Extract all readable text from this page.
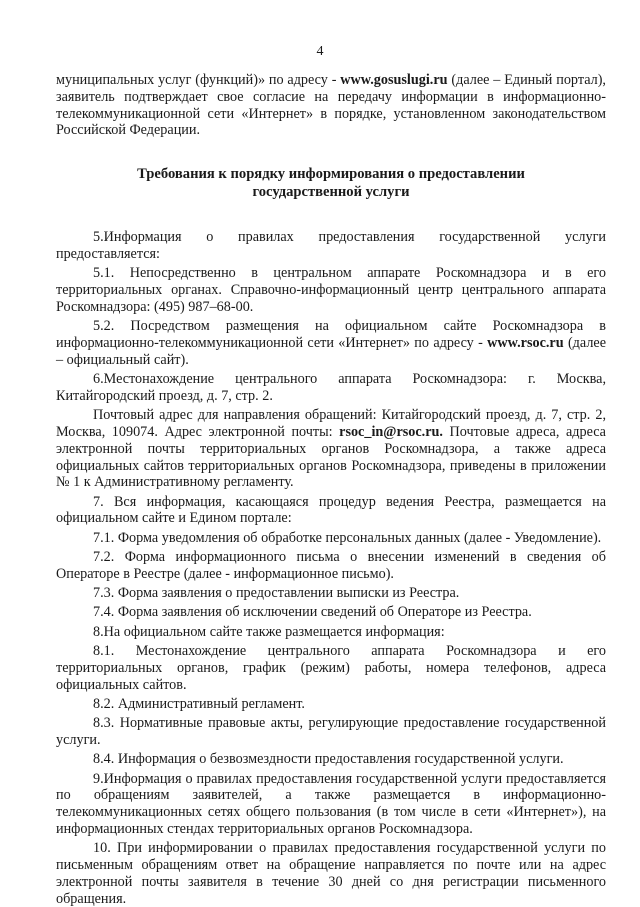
4

муниципальных услуг (функций)» по адресу - www.gosuslugi.ru (далее – Единый портал), заявитель подтверждает свое согласие на передачу информации в информационно-телекоммуникационной сети «Интернет» в порядке, установленном законодательством Российской Федерации.

Требования к порядку информирования о предоставлении
государственной услуги

5.Информация о правилах предоставления государственной услуги предоставляется:

5.1. Непосредственно в центральном аппарате Роскомнадзора и в его территориальных органах. Справочно-информационный центр центрального аппарата Роскомнадзора: (495) 987–68-00.

5.2. Посредством размещения на официальном сайте Роскомнадзора в информационно-телекоммуникационной сети «Интернет» по адресу - www.rsoc.ru (далее – официальный сайт).

6.Местонахождение центрального аппарата Роскомнадзора: г. Москва, Китайгородский проезд, д. 7, стр. 2.

Почтовый адрес для направления обращений: Китайгородский проезд, д. 7, стр. 2, Москва, 109074. Адрес электронной почты: rsoc_in@rsoc.ru. Почтовые адреса, адреса электронной почты территориальных органов Роскомнадзора, а также адреса официальных сайтов территориальных органов Роскомнадзора, приведены в приложении № 1 к Административному регламенту.

7. Вся информация, касающаяся процедур ведения Реестра, размещается на официальном сайте и Едином портале:

7.1. Форма уведомления об обработке персональных данных (далее - Уведомление).

7.2. Форма информационного письма о внесении изменений в сведения об Операторе в Реестре (далее - информационное письмо).

7.3. Форма заявления о предоставлении выписки из Реестра.

7.4. Форма заявления об исключении сведений об Операторе из Реестра.

8.На официальном сайте также размещается информация:

8.1. Местонахождение центрального аппарата Роскомнадзора и его территориальных органов, график (режим) работы, номера телефонов, адреса официальных сайтов.

8.2. Административный регламент.

8.3. Нормативные правовые акты, регулирующие предоставление государственной услуги.

8.4. Информация о безвозмездности предоставления государственной услуги.

9.Информация о правилах предоставления государственной услуги предоставляется по обращениям заявителей, а также размещается в информационно-телекоммуникационных сетях общего пользования (в том числе в сети «Интернет»), на информационных стендах территориальных органов Роскомнадзора.

10. При информировании о правилах предоставления государственной услуги по письменным обращениям ответ на обращение направляется по почте или на адрес электронной почты заявителя в течение 30 дней со дня регистрации письменного обращения.
